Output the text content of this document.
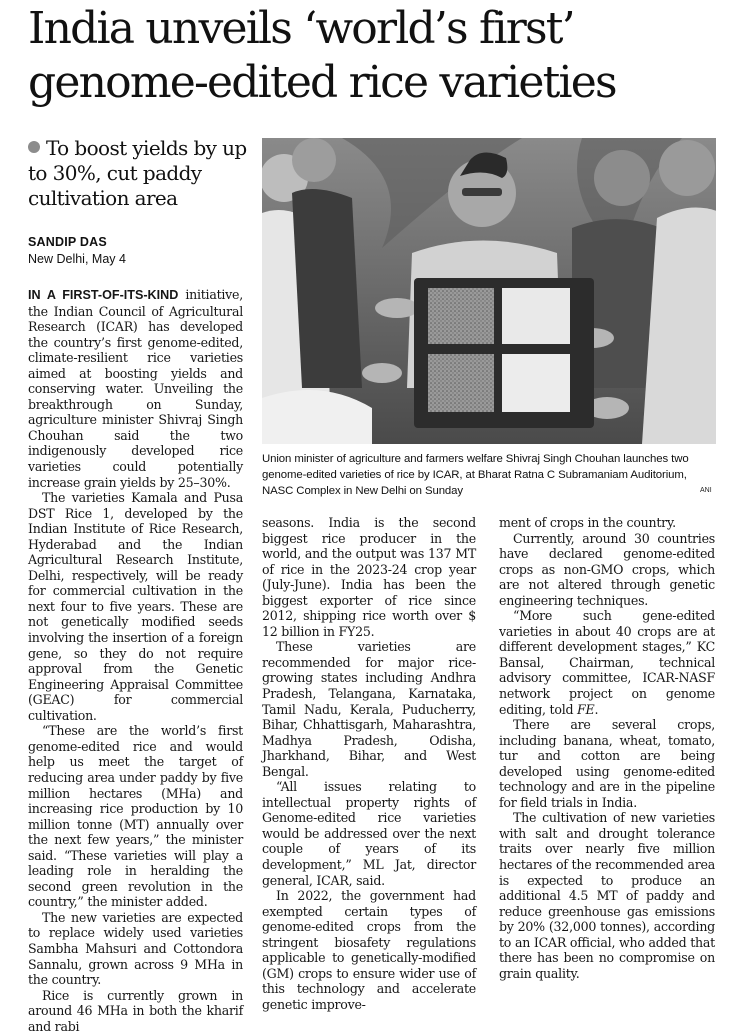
India unveils ‘world’s first’ genome-edited rice varieties
To boost yields by up to 30%, cut paddy cultivation area
SANDIP DAS
New Delhi, May 4

IN A FIRST-OF-ITS-KIND initiative, the Indian Council of Agricultural Research (ICAR) has developed the country’s first genome-edited, climate-resilient rice varieties aimed at boosting yields and conserving water. Unveiling the breakthrough on Sunday, agriculture minister Shivraj Singh Chouhan said the two indigenously developed rice varieties could potentially increase grain yields by 25–30%.

The varieties Kamala and Pusa DST Rice 1, developed by the Indian Institute of Rice Research, Hyderabad and the Indian Agricultural Research Institute, Delhi, respectively, will be ready for commercial cultivation in the next four to five years. These are not genetically modified seeds involving the insertion of a foreign gene, so they do not require approval from the Genetic Engineering Appraisal Committee (GEAC) for commercial cultivation.

“These are the world’s first genome-edited rice and would help us meet the target of reducing area under paddy by five million hectares (MHa) and increasing rice production by 10 million tonne (MT) annually over the next few years,” the minister said. “These varieties will play a leading role in heralding the second green revolution in the country,” the minister added.

The new varieties are expected to replace widely used varieties Sambha Mahsuri and Cottondora Sannalu, grown across 9 MHa in the country.

Rice is currently grown in around 46 MHa in both the kharif and rabi

Union minister of agriculture and farmers welfare Shivraj Singh Chouhan launches two genome-edited varieties of rice by ICAR, at Bharat Ratna C Subramaniam Auditorium, NASC Complex in New Delhi on Sunday	ANI

seasons. India is the second biggest rice producer in the world, and the output was 137 MT of rice in the 2023-24 crop year (July-June). India has been the biggest exporter of rice since 2012, shipping rice worth over $ 12 billion in FY25.

These varieties are recommended for major rice-growing states including Andhra Pradesh, Telangana, Karnataka, Tamil Nadu, Kerala, Puducherry, Bihar, Chhattisgarh, Maharashtra, Madhya Pradesh, Odisha, Jharkhand, Bihar, and West Bengal.

“All issues relating to intellectual property rights of Genome-edited rice varieties would be addressed over the next couple of years of its development,” ML Jat, director general, ICAR, said.

In 2022, the government had exempted certain types of genome-edited crops from the stringent biosafety regulations applicable to genetically-modified (GM) crops to ensure wider use of this technology and accelerate genetic improve-

ment of crops in the country.

Currently, around 30 countries have declared genome-edited crops as non-GMO crops, which are not altered through genetic engineering techniques.

“More such gene-edited varieties in about 40 crops are at different development stages,” KC Bansal, Chairman, technical advisory committee, ICAR-NASF network project on genome editing, told FE.

There are several crops, including banana, wheat, tomato, tur and cotton are being developed using genome-edited technology and are in the pipeline for field trials in India.

The cultivation of new varieties with salt and drought tolerance traits over nearly five million hectares of the recommended area is expected to produce an additional 4.5 MT of paddy and reduce greenhouse gas emissions by 20% (32,000 tonnes), according to an ICAR official, who added that there has been no compromise on grain quality.
